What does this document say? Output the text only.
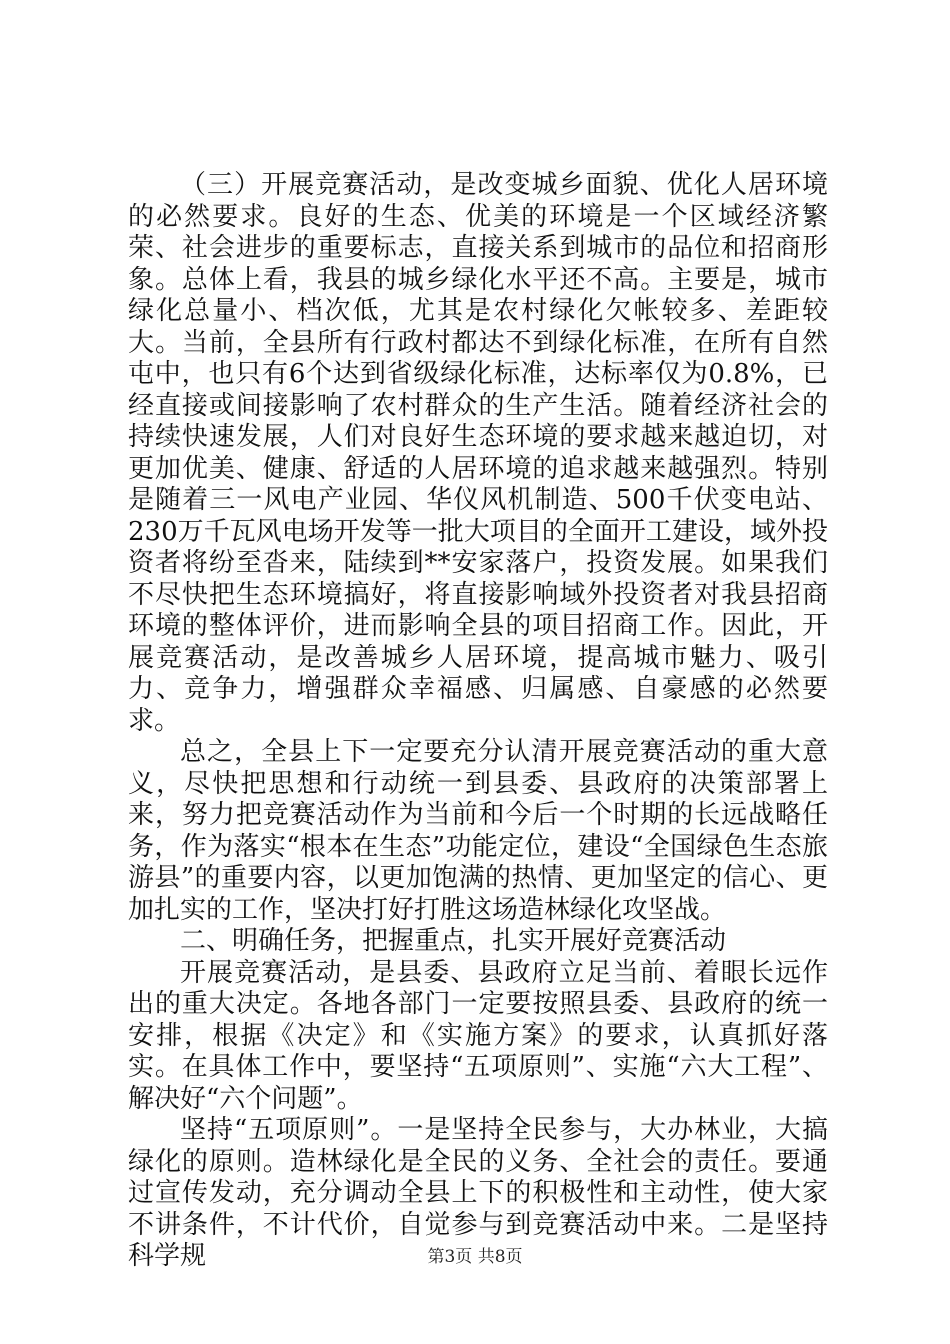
（三）开展竞赛活动，是改变城乡面貌、优化人居环境的必然要求。良好的生态、优美的环境是一个区域经济繁荣、社会进步的重要标志，直接关系到城市的品位和招商形象。总体上看，我县的城乡绿化水平还不高。主要是，城市绿化总量小、档次低，尤其是农村绿化欠帐较多、差距较大。当前，全县所有行政村都达不到绿化标准，在所有自然屯中，也只有6个达到省级绿化标准，达标率仅为0.8%，已经直接或间接影响了农村群众的生产生活。随着经济社会的持续快速发展，人们对良好生态环境的要求越来越迫切，对更加优美、健康、舒适的人居环境的追求越来越强烈。特别是随着三一风电产业园、华仪风机制造、500千伏变电站、230万千瓦风电场开发等一批大项目的全面开工建设，域外投资者将纷至沓来，陆续到**安家落户，投资发展。如果我们不尽快把生态环境搞好，将直接影响域外投资者对我县招商环境的整体评价，进而影响全县的项目招商工作。因此，开展竞赛活动，是改善城乡人居环境，提高城市魅力、吸引力、竞争力，增强群众幸福感、归属感、自豪感的必然要求。

总之，全县上下一定要充分认清开展竞赛活动的重大意义，尽快把思想和行动统一到县委、县政府的决策部署上来，努力把竞赛活动作为当前和今后一个时期的长远战略任务，作为落实“根本在生态”功能定位，建设“全国绿色生态旅游县”的重要内容，以更加饱满的热情、更加坚定的信心、更加扎实的工作，坚决打好打胜这场造林绿化攻坚战。

二、明确任务，把握重点，扎实开展好竞赛活动

开展竞赛活动，是县委、县政府立足当前、着眼长远作出的重大决定。各地各部门一定要按照县委、县政府的统一安排，根据《决定》和《实施方案》的要求，认真抓好落实。在具体工作中，要坚持“五项原则”、实施“六大工程”、解决好“六个问题”。

坚持“五项原则”。一是坚持全民参与，大办林业，大搞绿化的原则。造林绿化是全民的义务、全社会的责任。要通过宣传发动，充分调动全县上下的积极性和主动性，使大家不讲条件，不计代价，自觉参与到竞赛活动中来。二是坚持科学规	第3页 共8页
